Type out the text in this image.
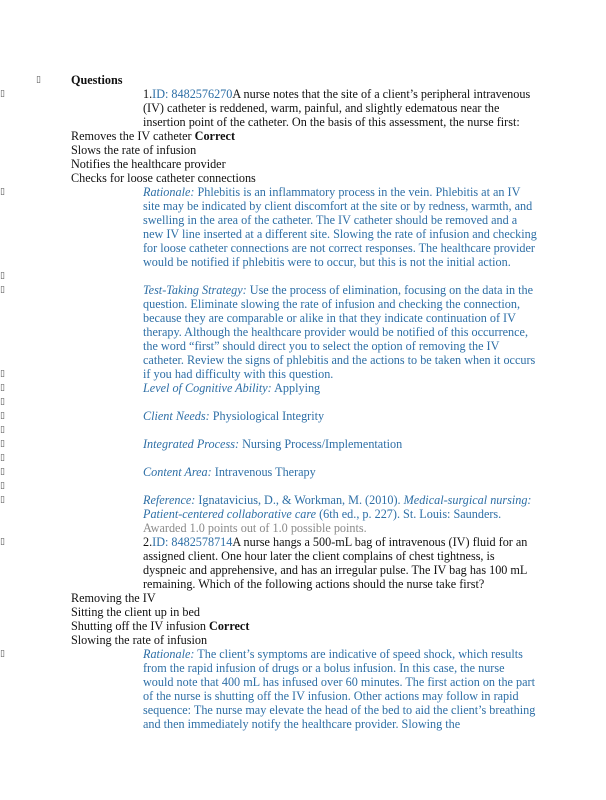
▯
▯
▯
▯
▯
▯
▯
▯
▯
▯
▯
▯
▯
▯
▯
▯
▯

Questions

1.ID: 8482576270A nurse notes that the site of a client’s peripheral intravenous (IV) catheter is reddened, warm, painful, and slightly edematous near the insertion point of the catheter. On the basis of this assessment, the nurse first:

Removes the IV catheter Correct

Slows the rate of infusion

Notifies the healthcare provider

Checks for loose catheter connections

Rationale: Phlebitis is an inflammatory process in the vein. Phlebitis at an IV site may be indicated by client discomfort at the site or by redness, warmth, and swelling in the area of the catheter. The IV catheter should be removed and a new IV line inserted at a different site. Slowing the rate of infusion and checking for loose catheter connections are not correct responses. The healthcare provider would be notified if phlebitis were to occur, but this is not the initial action.

Test-Taking Strategy: Use the process of elimination, focusing on the data in the question. Eliminate slowing the rate of infusion and checking the connection, because they are comparable or alike in that they indicate continuation of IV therapy. Although the healthcare provider would be notified of this occurrence, the word “first” should direct you to select the option of removing the IV catheter. Review the signs of phlebitis and the actions to be taken when it occurs if you had difficulty with this question.

Level of Cognitive Ability: Applying

Client Needs: Physiological Integrity

Integrated Process: Nursing Process/Implementation

Content Area: Intravenous Therapy

Reference: Ignatavicius, D., & Workman, M. (2010). Medical-surgical nursing: Patient-centered collaborative care (6th ed., p. 227). St. Louis: Saunders. Awarded 1.0 points out of 1.0 possible points.

2.ID: 8482578714A nurse hangs a 500-mL bag of intravenous (IV) fluid for an assigned client. One hour later the client complains of chest tightness, is dyspneic and apprehensive, and has an irregular pulse. The IV bag has 100 mL remaining. Which of the following actions should the nurse take first?

Removing the IV

Sitting the client up in bed

Shutting off the IV infusion Correct

Slowing the rate of infusion

Rationale: The client’s symptoms are indicative of speed shock, which results from the rapid infusion of drugs or a bolus infusion. In this case, the nurse would note that 400 mL has infused over 60 minutes. The first action on the part of the nurse is shutting off the IV infusion. Other actions may follow in rapid sequence: The nurse may elevate the head of the bed to aid the client’s breathing and then immediately notify the healthcare provider. Slowing the
